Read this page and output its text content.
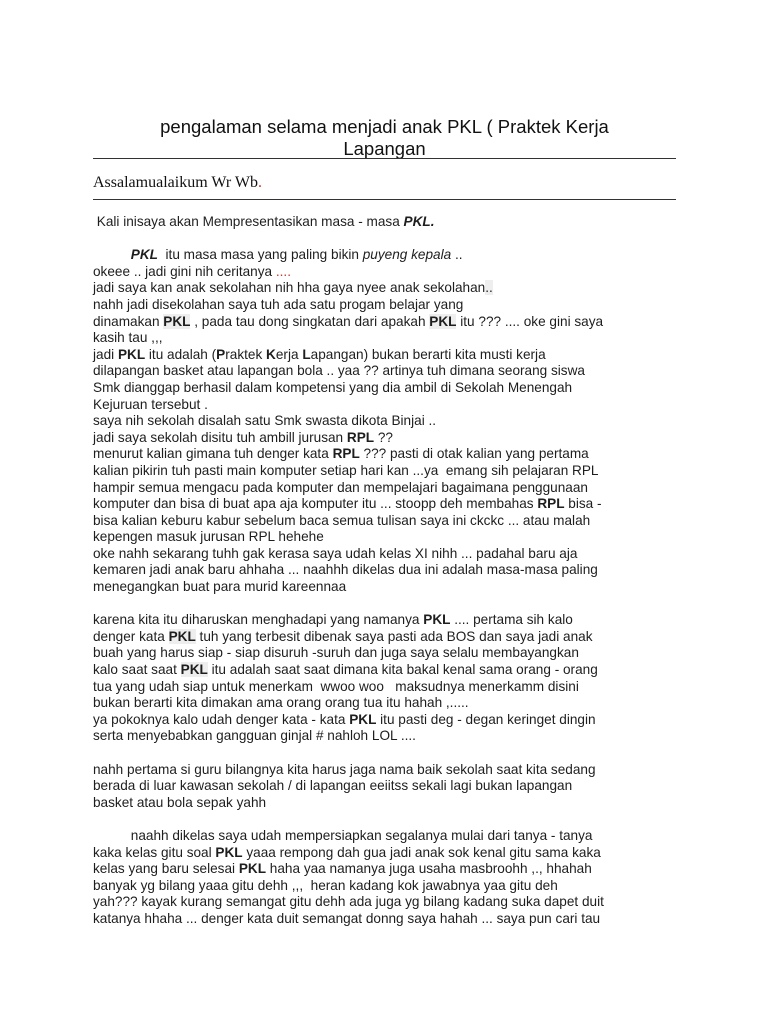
pengalaman selama menjadi anak PKL ( Praktek Kerja
Lapangan
Assalamualaikum Wr Wb.
Kali inisaya akan Mempresentasikan masa - masa PKL.

PKL  itu masa masa yang paling bikin puyeng kepala ..
okeee .. jadi gini nih ceritanya ....
jadi saya kan anak sekolahan nih hha gaya nyee anak sekolahan..
nahh jadi disekolahan saya tuh ada satu progam belajar yang
dinamakan PKL , pada tau dong singkatan dari apakah PKL itu ??? .... oke gini saya
kasih tau ,,,
jadi PKL itu adalah (Praktek Kerja Lapangan) bukan berarti kita musti kerja
dilapangan basket atau lapangan bola .. yaa ?? artinya tuh dimana seorang siswa
Smk dianggap berhasil dalam kompetensi yang dia ambil di Sekolah Menengah
Kejuruan tersebut .
saya nih sekolah disalah satu Smk swasta dikota Binjai ..
jadi saya sekolah disitu tuh ambill jurusan RPL ??
menurut kalian gimana tuh denger kata RPL ??? pasti di otak kalian yang pertama
kalian pikirin tuh pasti main komputer setiap hari kan ...ya  emang sih pelajaran RPL
hampir semua mengacu pada komputer dan mempelajari bagaimana penggunaan
komputer dan bisa di buat apa aja komputer itu ... stoopp deh membahas RPL bisa -
bisa kalian keburu kabur sebelum baca semua tulisan saya ini ckckc ... atau malah
kepengen masuk jurusan RPL hehehe
oke nahh sekarang tuhh gak kerasa saya udah kelas XI nihh ... padahal baru aja
kemaren jadi anak baru ahhaha ... naahhh dikelas dua ini adalah masa-masa paling
menegangkan buat para murid kareennaa

karena kita itu diharuskan menghadapi yang namanya PKL .... pertama sih kalo
denger kata PKL tuh yang terbesit dibenak saya pasti ada BOS dan saya jadi anak
buah yang harus siap - siap disuruh -suruh dan juga saya selalu membayangkan
kalo saat saat PKL itu adalah saat saat dimana kita bakal kenal sama orang - orang
tua yang udah siap untuk menerkam  wwoo woo   maksudnya menerkamm disini
bukan berarti kita dimakan ama orang orang tua itu hahah ,.....
ya pokoknya kalo udah denger kata - kata PKL itu pasti deg - degan keringet dingin
serta menyebabkan gangguan ginjal # nahloh LOL ....

nahh pertama si guru bilangnya kita harus jaga nama baik sekolah saat kita sedang
berada di luar kawasan sekolah / di lapangan eeiitss sekali lagi bukan lapangan
basket atau bola sepak yahh

naahh dikelas saya udah mempersiapkan segalanya mulai dari tanya - tanya
kaka kelas gitu soal PKL yaaa rempong dah gua jadi anak sok kenal gitu sama kaka
kelas yang baru selesai PKL haha yaa namanya juga usaha masbroohh ,., hhahah
banyak yg bilang yaaa gitu dehh ,,,  heran kadang kok jawabnya yaa gitu deh
yah??? kayak kurang semangat gitu dehh ada juga yg bilang kadang suka dapet duit
katanya hhaha ... denger kata duit semangat donng saya hahah ... saya pun cari tau
